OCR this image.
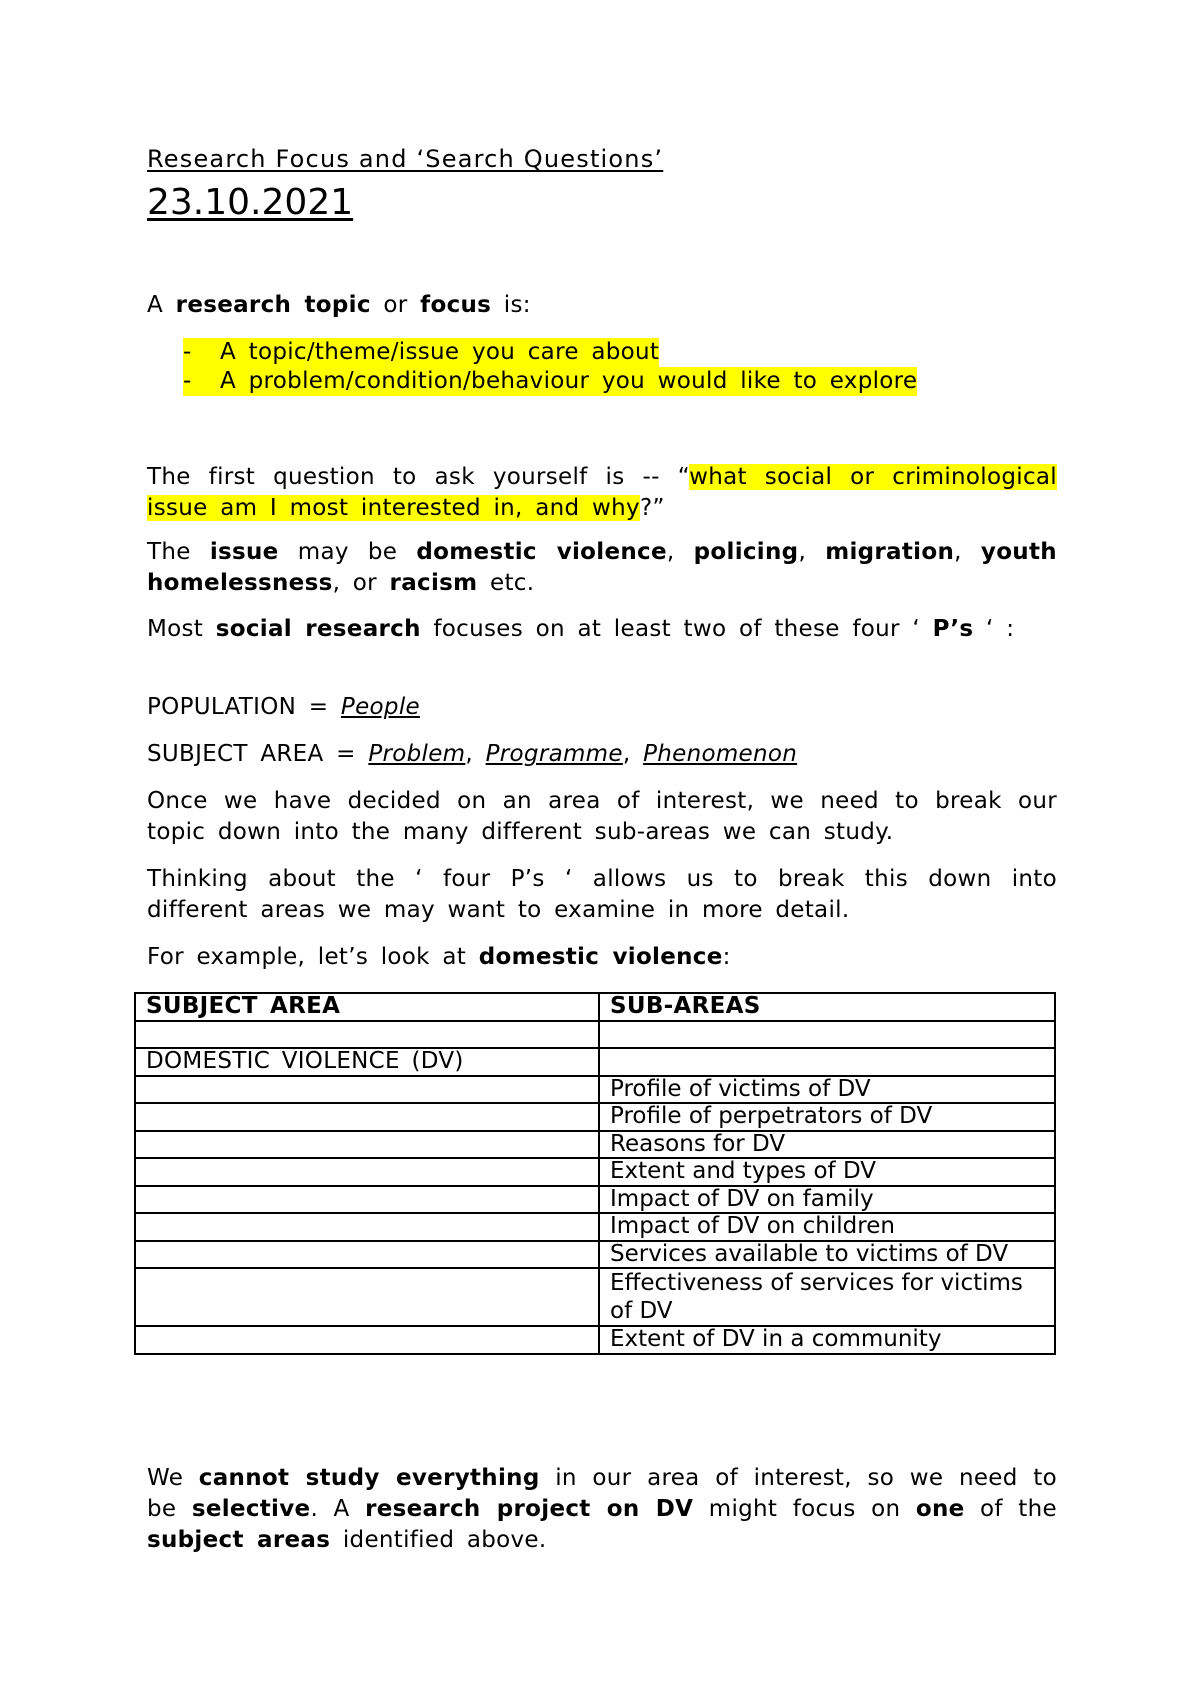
Research Focus and ‘Search Questions’
23.10.2021
A research topic or focus is:
- A topic/theme/issue you care about
- A problem/condition/behaviour you would like to explore
The first question to ask yourself is -- “what social or criminological issue am I most interested in, and why?”
The issue may be domestic violence, policing, migration, youth homelessness, or racism etc.
Most social research focuses on at least two of these four ‘ P’s ‘ :
POPULATION = People
SUBJECT AREA = Problem, Programme, Phenomenon
Once we have decided on an area of interest, we need to break our topic down into the many different sub-areas we can study.
Thinking about the ‘ four P’s ‘ allows us to break this down into different areas we may want to examine in more detail.
For example, let’s look at domestic violence:
SUBJECT AREA	SUB-AREAS

DOMESTIC VIOLENCE (DV)	
	Profile of victims of DV
	Profile of perpetrators of DV
	Reasons for DV
	Extent and types of DV
	Impact of DV on family
	Impact of DV on children
	Services available to victims of DV
	Effectiveness of services for victims of DV
	Extent of DV in a community
We cannot study everything in our area of interest, so we need to be selective. A research project on DV might focus on one of the subject areas identified above.
